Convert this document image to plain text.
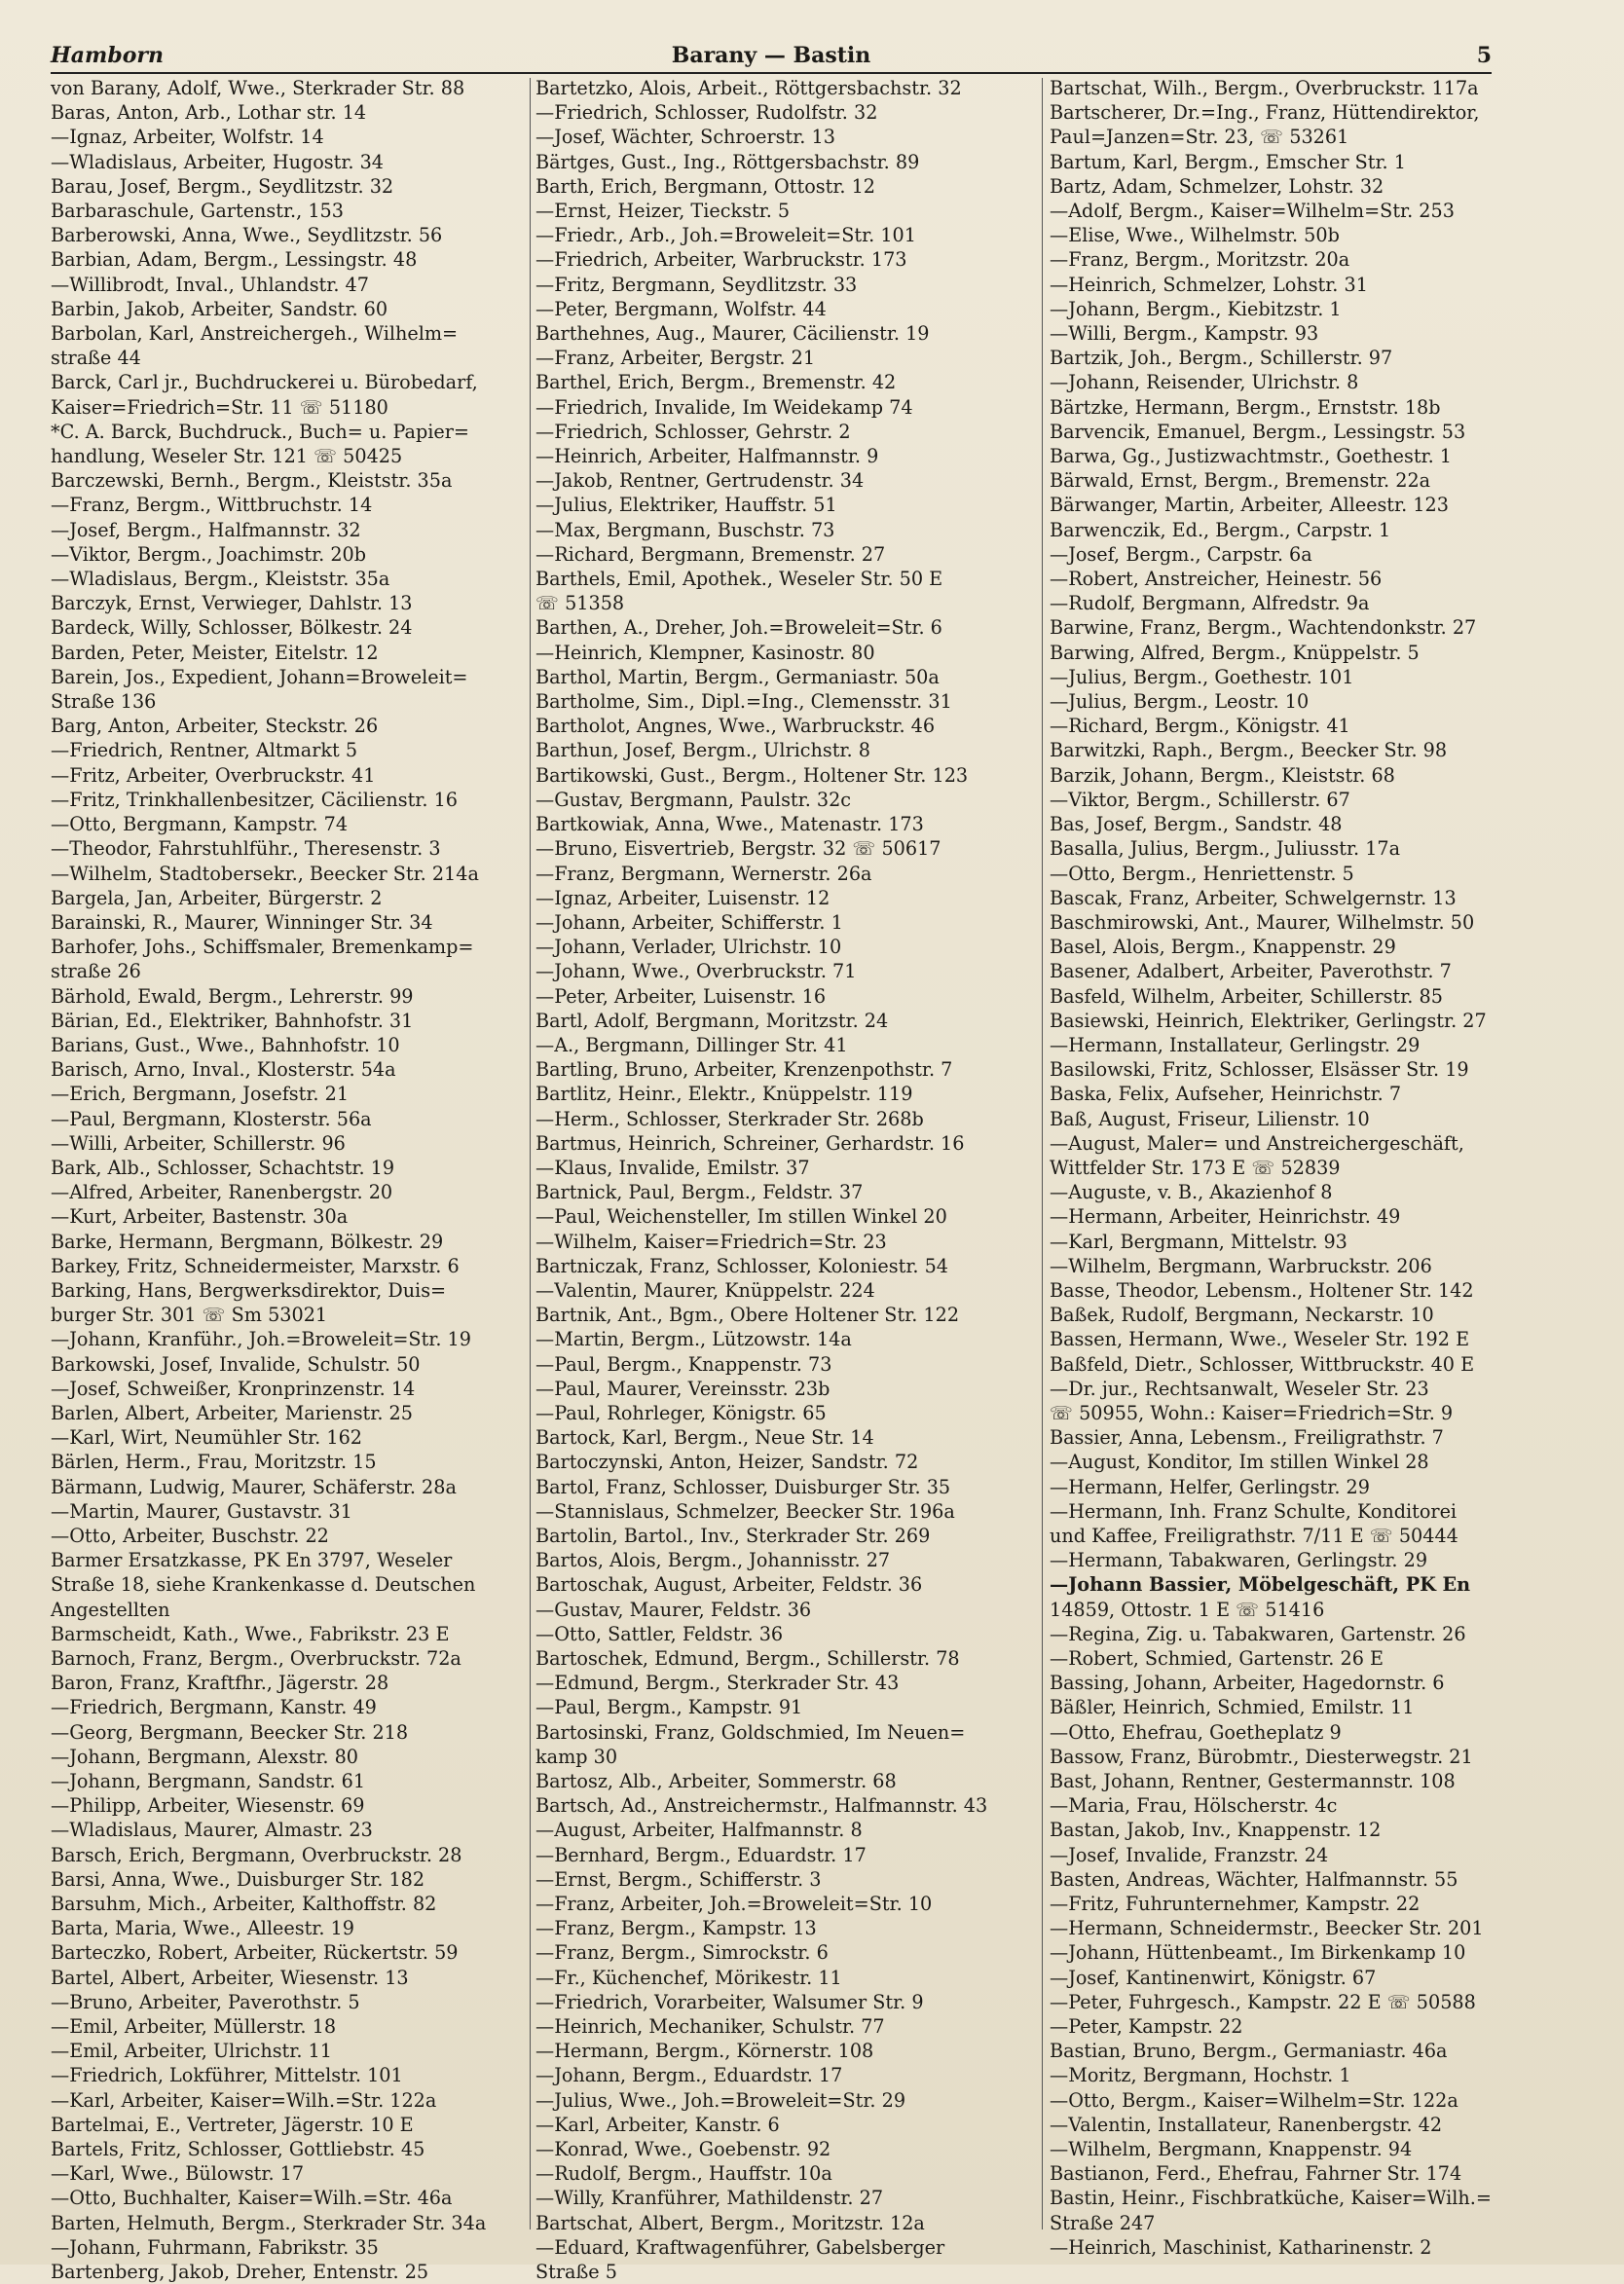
Barany — Bastin
Hamborn	5
von Barany, Adolf, Wwe., Sterkrader Str. 88
Baras, Anton, Arb., Lothar str. 14
—Ignaz, Arbeiter, Wolfstr. 14
—Wladislaus, Arbeiter, Hugostr. 34
Barau, Josef, Bergm., Seydlitzstr. 32
Barbaraschule, Gartenstr., 153
Barberowski, Anna, Wwe., Seydlitzstr. 56
Barbian, Adam, Bergm., Lessingstr. 48
—Willibrodt, Inval., Uhlandstr. 47
Barbin, Jakob, Arbeiter, Sandstr. 60
Barbolan, Karl, Anstreichergeh., Wilhelm=
straße 44
Barck, Carl jr., Buchdruckerei u. Bürobedarf,
Kaiser=Friedrich=Str. 11 ☏ 51180
*C. A. Barck, Buchdruck., Buch= u. Papier=
handlung, Weseler Str. 121 ☏ 50425
Barczewski, Bernh., Bergm., Kleiststr. 35a
—Franz, Bergm., Wittbruchstr. 14
—Josef, Bergm., Halfmannstr. 32
—Viktor, Bergm., Joachimstr. 20b
—Wladislaus, Bergm., Kleiststr. 35a
Barczyk, Ernst, Verwieger, Dahlstr. 13
Bardeck, Willy, Schlosser, Bölkestr. 24
Barden, Peter, Meister, Eitelstr. 12
Barein, Jos., Expedient, Johann=Broweleit=
Straße 136
Barg, Anton, Arbeiter, Steckstr. 26
—Friedrich, Rentner, Altmarkt 5
—Fritz, Arbeiter, Overbruckstr. 41
—Fritz, Trinkhallenbesitzer, Cäcilienstr. 16
—Otto, Bergmann, Kampstr. 74
—Theodor, Fahrstuhlführ., Theresenstr. 3
—Wilhelm, Stadtobersekr., Beecker Str. 214a
Bargela, Jan, Arbeiter, Bürgerstr. 2
Barainski, R., Maurer, Winninger Str. 34
Barhofer, Johs., Schiffsmaler, Bremenkamp=
straße 26
Bärhold, Ewald, Bergm., Lehrerstr. 99
Bärian, Ed., Elektriker, Bahnhofstr. 31
Barians, Gust., Wwe., Bahnhofstr. 10
Barisch, Arno, Inval., Klosterstr. 54a
—Erich, Bergmann, Josefstr. 21
—Paul, Bergmann, Klosterstr. 56a
—Willi, Arbeiter, Schillerstr. 96
Bark, Alb., Schlosser, Schachtstr. 19
—Alfred, Arbeiter, Ranenbergstr. 20
—Kurt, Arbeiter, Bastenstr. 30a
Barke, Hermann, Bergmann, Bölkestr. 29
Barkey, Fritz, Schneidermeister, Marxstr. 6
Barking, Hans, Bergwerksdirektor, Duis=
burger Str. 301 ☏ Sm 53021
—Johann, Kranführ., Joh.=Broweleit=Str. 19
Barkowski, Josef, Invalide, Schulstr. 50
—Josef, Schweißer, Kronprinzenstr. 14
Barlen, Albert, Arbeiter, Marienstr. 25
—Karl, Wirt, Neumühler Str. 162
Bärlen, Herm., Frau, Moritzstr. 15
Bärmann, Ludwig, Maurer, Schäferstr. 28a
—Martin, Maurer, Gustavstr. 31
—Otto, Arbeiter, Buschstr. 22
Barmer Ersatzkasse, PK En 3797, Weseler
Straße 18, siehe Krankenkasse d. Deutschen
Angestellten
Barmscheidt, Kath., Wwe., Fabrikstr. 23 E
Barnoch, Franz, Bergm., Overbruckstr. 72a
Baron, Franz, Kraftfhr., Jägerstr. 28
—Friedrich, Bergmann, Kanstr. 49
—Georg, Bergmann, Beecker Str. 218
—Johann, Bergmann, Alexstr. 80
—Johann, Bergmann, Sandstr. 61
—Philipp, Arbeiter, Wiesenstr. 69
—Wladislaus, Maurer, Almastr. 23
Barsch, Erich, Bergmann, Overbruckstr. 28
Barsi, Anna, Wwe., Duisburger Str. 182
Barsuhm, Mich., Arbeiter, Kalthoffstr. 82
Barta, Maria, Wwe., Alleestr. 19
Barteczko, Robert, Arbeiter, Rückertstr. 59
Bartel, Albert, Arbeiter, Wiesenstr. 13
—Bruno, Arbeiter, Paverothstr. 5
—Emil, Arbeiter, Müllerstr. 18
—Emil, Arbeiter, Ulrichstr. 11
—Friedrich, Lokführer, Mittelstr. 101
—Karl, Arbeiter, Kaiser=Wilh.=Str. 122a
Bartelmai, E., Vertreter, Jägerstr. 10 E
Bartels, Fritz, Schlosser, Gottliebstr. 45
—Karl, Wwe., Bülowstr. 17
—Otto, Buchhalter, Kaiser=Wilh.=Str. 46a
Barten, Helmuth, Bergm., Sterkrader Str. 34a
—Johann, Fuhrmann, Fabrikstr. 35
Bartenberg, Jakob, Dreher, Entenstr. 25
Bartetzko, Alois, Arbeit., Röttgersbachstr. 32
—Friedrich, Schlosser, Rudolfstr. 32
—Josef, Wächter, Schroerstr. 13
Bärtges, Gust., Ing., Röttgersbachstr. 89
Barth, Erich, Bergmann, Ottostr. 12
—Ernst, Heizer, Tieckstr. 5
—Friedr., Arb., Joh.=Broweleit=Str. 101
—Friedrich, Arbeiter, Warbruckstr. 173
—Fritz, Bergmann, Seydlitzstr. 33
—Peter, Bergmann, Wolfstr. 44
Barthehnes, Aug., Maurer, Cäcilienstr. 19
—Franz, Arbeiter, Bergstr. 21
Barthel, Erich, Bergm., Bremenstr. 42
—Friedrich, Invalide, Im Weidekamp 74
—Friedrich, Schlosser, Gehrstr. 2
—Heinrich, Arbeiter, Halfmannstr. 9
—Jakob, Rentner, Gertrudenstr. 34
—Julius, Elektriker, Hauffstr. 51
—Max, Bergmann, Buschstr. 73
—Richard, Bergmann, Bremenstr. 27
Barthels, Emil, Apothek., Weseler Str. 50 E
☏ 51358
Barthen, A., Dreher, Joh.=Broweleit=Str. 6
—Heinrich, Klempner, Kasinostr. 80
Barthol, Martin, Bergm., Germaniastr. 50a
Bartholme, Sim., Dipl.=Ing., Clemensstr. 31
Bartholot, Angnes, Wwe., Warbruckstr. 46
Barthun, Josef, Bergm., Ulrichstr. 8
Bartikowski, Gust., Bergm., Holtener Str. 123
—Gustav, Bergmann, Paulstr. 32c
Bartkowiak, Anna, Wwe., Matenastr. 173
—Bruno, Eisvertrieb, Bergstr. 32 ☏ 50617
—Franz, Bergmann, Wernerstr. 26a
—Ignaz, Arbeiter, Luisenstr. 12
—Johann, Arbeiter, Schifferstr. 1
—Johann, Verlader, Ulrichstr. 10
—Johann, Wwe., Overbruckstr. 71
—Peter, Arbeiter, Luisenstr. 16
Bartl, Adolf, Bergmann, Moritzstr. 24
—A., Bergmann, Dillinger Str. 41
Bartling, Bruno, Arbeiter, Krenzenpothstr. 7
Bartlitz, Heinr., Elektr., Knüppelstr. 119
—Herm., Schlosser, Sterkrader Str. 268b
Bartmus, Heinrich, Schreiner, Gerhardstr. 16
—Klaus, Invalide, Emilstr. 37
Bartnick, Paul, Bergm., Feldstr. 37
—Paul, Weichensteller, Im stillen Winkel 20
—Wilhelm, Kaiser=Friedrich=Str. 23
Bartniczak, Franz, Schlosser, Koloniestr. 54
—Valentin, Maurer, Knüppelstr. 224
Bartnik, Ant., Bgm., Obere Holtener Str. 122
—Martin, Bergm., Lützowstr. 14a
—Paul, Bergm., Knappenstr. 73
—Paul, Maurer, Vereinsstr. 23b
—Paul, Rohrleger, Königstr. 65
Bartock, Karl, Bergm., Neue Str. 14
Bartoczynski, Anton, Heizer, Sandstr. 72
Bartol, Franz, Schlosser, Duisburger Str. 35
—Stannislaus, Schmelzer, Beecker Str. 196a
Bartolin, Bartol., Inv., Sterkrader Str. 269
Bartos, Alois, Bergm., Johannisstr. 27
Bartoschak, August, Arbeiter, Feldstr. 36
—Gustav, Maurer, Feldstr. 36
—Otto, Sattler, Feldstr. 36
Bartoschek, Edmund, Bergm., Schillerstr. 78
—Edmund, Bergm., Sterkrader Str. 43
—Paul, Bergm., Kampstr. 91
Bartosinski, Franz, Goldschmied, Im Neuen=
kamp 30
Bartosz, Alb., Arbeiter, Sommerstr. 68
Bartsch, Ad., Anstreichermstr., Halfmannstr. 43
—August, Arbeiter, Halfmannstr. 8
—Bernhard, Bergm., Eduardstr. 17
—Ernst, Bergm., Schifferstr. 3
—Franz, Arbeiter, Joh.=Broweleit=Str. 10
—Franz, Bergm., Kampstr. 13
—Franz, Bergm., Simrockstr. 6
—Fr., Küchenchef, Mörikestr. 11
—Friedrich, Vorarbeiter, Walsumer Str. 9
—Heinrich, Mechaniker, Schulstr. 77
—Hermann, Bergm., Körnerstr. 108
—Johann, Bergm., Eduardstr. 17
—Julius, Wwe., Joh.=Broweleit=Str. 29
—Karl, Arbeiter, Kanstr. 6
—Konrad, Wwe., Goebenstr. 92
—Rudolf, Bergm., Hauffstr. 10a
—Willy, Kranführer, Mathildenstr. 27
Bartschat, Albert, Bergm., Moritzstr. 12a
—Eduard, Kraftwagenführer, Gabelsberger
Straße 5
Bartschat, Wilh., Bergm., Overbruckstr. 117a
Bartscherer, Dr.=Ing., Franz, Hüttendirektor,
Paul=Janzen=Str. 23, ☏ 53261
Bartum, Karl, Bergm., Emscher Str. 1
Bartz, Adam, Schmelzer, Lohstr. 32
—Adolf, Bergm., Kaiser=Wilhelm=Str. 253
—Elise, Wwe., Wilhelmstr. 50b
—Franz, Bergm., Moritzstr. 20a
—Heinrich, Schmelzer, Lohstr. 31
—Johann, Bergm., Kiebitzstr. 1
—Willi, Bergm., Kampstr. 93
Bartzik, Joh., Bergm., Schillerstr. 97
—Johann, Reisender, Ulrichstr. 8
Bärtzke, Hermann, Bergm., Ernststr. 18b
Barvencik, Emanuel, Bergm., Lessingstr. 53
Barwa, Gg., Justizwachtmstr., Goethestr. 1
Bärwald, Ernst, Bergm., Bremenstr. 22a
Bärwanger, Martin, Arbeiter, Alleestr. 123
Barwenczik, Ed., Bergm., Carpstr. 1
—Josef, Bergm., Carpstr. 6a
—Robert, Anstreicher, Heinestr. 56
—Rudolf, Bergmann, Alfredstr. 9a
Barwine, Franz, Bergm., Wachtendonkstr. 27
Barwing, Alfred, Bergm., Knüppelstr. 5
—Julius, Bergm., Goethestr. 101
—Julius, Bergm., Leostr. 10
—Richard, Bergm., Königstr. 41
Barwitzki, Raph., Bergm., Beecker Str. 98
Barzik, Johann, Bergm., Kleiststr. 68
—Viktor, Bergm., Schillerstr. 67
Bas, Josef, Bergm., Sandstr. 48
Basalla, Julius, Bergm., Juliusstr. 17a
—Otto, Bergm., Henriettenstr. 5
Bascak, Franz, Arbeiter, Schwelgernstr. 13
Baschmirowski, Ant., Maurer, Wilhelmstr. 50
Basel, Alois, Bergm., Knappenstr. 29
Basener, Adalbert, Arbeiter, Paverothstr. 7
Basfeld, Wilhelm, Arbeiter, Schillerstr. 85
Basiewski, Heinrich, Elektriker, Gerlingstr. 27
—Hermann, Installateur, Gerlingstr. 29
Basilowski, Fritz, Schlosser, Elsässer Str. 19
Baska, Felix, Aufseher, Heinrichstr. 7
Baß, August, Friseur, Lilienstr. 10
—August, Maler= und Anstreichergeschäft,
Wittfelder Str. 173 E ☏ 52839
—Auguste, v. B., Akazienhof 8
—Hermann, Arbeiter, Heinrichstr. 49
—Karl, Bergmann, Mittelstr. 93
—Wilhelm, Bergmann, Warbruckstr. 206
Basse, Theodor, Lebensm., Holtener Str. 142
Baßek, Rudolf, Bergmann, Neckarstr. 10
Bassen, Hermann, Wwe., Weseler Str. 192 E
Baßfeld, Dietr., Schlosser, Wittbruckstr. 40 E
—Dr. jur., Rechtsanwalt, Weseler Str. 23
☏ 50955, Wohn.: Kaiser=Friedrich=Str. 9
Bassier, Anna, Lebensm., Freiligrathstr. 7
—August, Konditor, Im stillen Winkel 28
—Hermann, Helfer, Gerlingstr. 29
—Hermann, Inh. Franz Schulte, Konditorei
und Kaffee, Freiligrathstr. 7/11 E ☏ 50444
—Hermann, Tabakwaren, Gerlingstr. 29
—Johann Bassier, Möbelgeschäft, PK En
14859, Ottostr. 1 E ☏ 51416
—Regina, Zig. u. Tabakwaren, Gartenstr. 26
—Robert, Schmied, Gartenstr. 26 E
Bassing, Johann, Arbeiter, Hagedornstr. 6
Bäßler, Heinrich, Schmied, Emilstr. 11
—Otto, Ehefrau, Goetheplatz 9
Bassow, Franz, Bürobmtr., Diesterwegstr. 21
Bast, Johann, Rentner, Gestermannstr. 108
—Maria, Frau, Hölscherstr. 4c
Bastan, Jakob, Inv., Knappenstr. 12
—Josef, Invalide, Franzstr. 24
Basten, Andreas, Wächter, Halfmannstr. 55
—Fritz, Fuhrunternehmer, Kampstr. 22
—Hermann, Schneidermstr., Beecker Str. 201
—Johann, Hüttenbeamt., Im Birkenkamp 10
—Josef, Kantinenwirt, Königstr. 67
—Peter, Fuhrgesch., Kampstr. 22 E ☏ 50588
—Peter, Kampstr. 22
Bastian, Bruno, Bergm., Germaniastr. 46a
—Moritz, Bergmann, Hochstr. 1
—Otto, Bergm., Kaiser=Wilhelm=Str. 122a
—Valentin, Installateur, Ranenbergstr. 42
—Wilhelm, Bergmann, Knappenstr. 94
Bastianon, Ferd., Ehefrau, Fahrner Str. 174
Bastin, Heinr., Fischbratküche, Kaiser=Wilh.=
Straße 247
—Heinrich, Maschinist, Katharinenstr. 2
